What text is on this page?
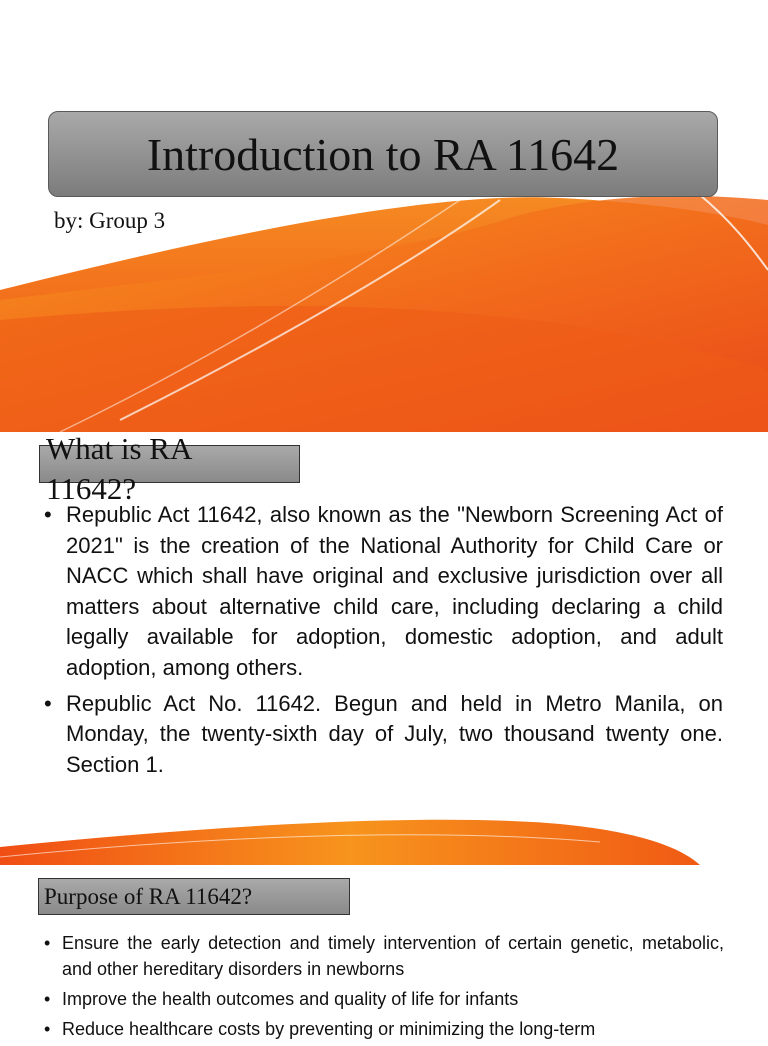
Introduction to RA 11642
by: Group 3
What is RA 11642?
• Republic Act 11642, also known as the "Newborn Screening Act of 2021" is the creation of the National Authority for Child Care or NACC which shall have original and exclusive jurisdiction over all matters about alternative child care, including declaring a child legally available for adoption, domestic adoption, and adult adoption, among others.
• Republic Act No. 11642. Begun and held in Metro Manila, on Monday, the twenty-sixth day of July, two thousand twenty one. Section 1.
Purpose of RA 11642?
• Ensure the early detection and timely intervention of certain genetic, metabolic, and other hereditary disorders in newborns
• Improve the health outcomes and quality of life for infants
• Reduce healthcare costs by preventing or minimizing the long-term
